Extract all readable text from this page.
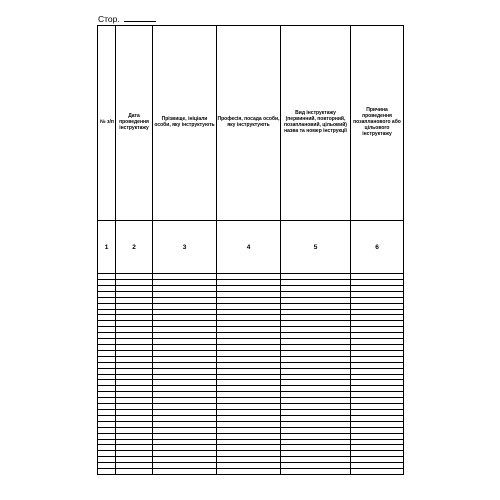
Стор.
№ з/п	Дата проведення інструктажу	Прізвище, ініціали особи, яку інструктують	Професія, посада особи, яку інструктують	Вид інструктажу (первинний, повторний, позаплановий, цільовий) назва та номер інструкції	Причина проведення позапланового або цільового інструктажу
1	2	3	4	5	6
